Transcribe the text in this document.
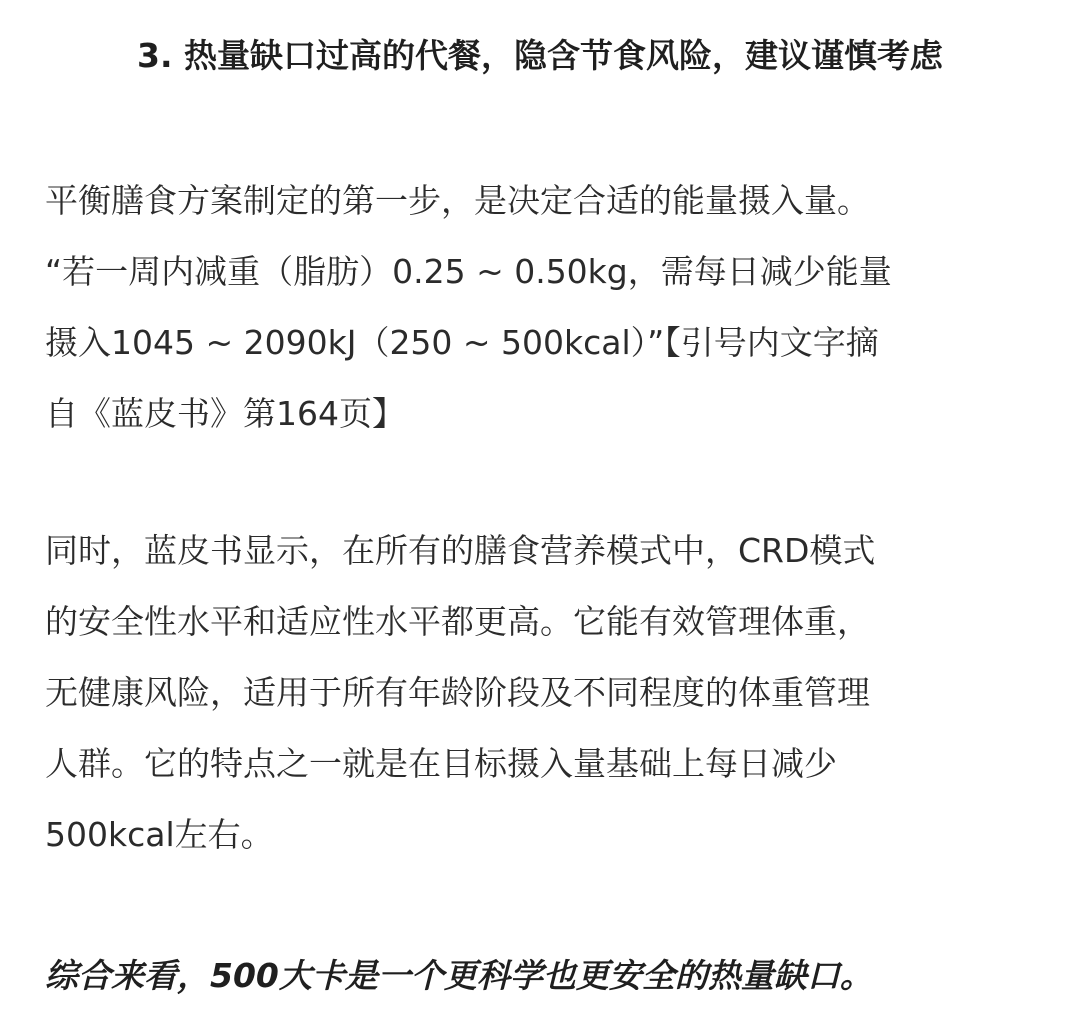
3. 热量缺口过高的代餐，隐含节食风险，建议谨慎考虑

平衡膳食方案制定的第一步，是决定合适的能量摄入量。
“若一周内减重（脂肪）0.25 ~ 0.50kg，需每日减少能量
摄入1045 ~ 2090kJ（250 ~ 500kcal）”【引号内文字摘
自《蓝皮书》第164页】

同时，蓝皮书显示，在所有的膳食营养模式中，CRD模式
的安全性水平和适应性水平都更高。它能有效管理体重，
无健康风险，适用于所有年龄阶段及不同程度的体重管理
人群。它的特点之一就是在目标摄入量基础上每日减少
500kcal左右。

综合来看，500大卡是一个更科学也更安全的热量缺口。
